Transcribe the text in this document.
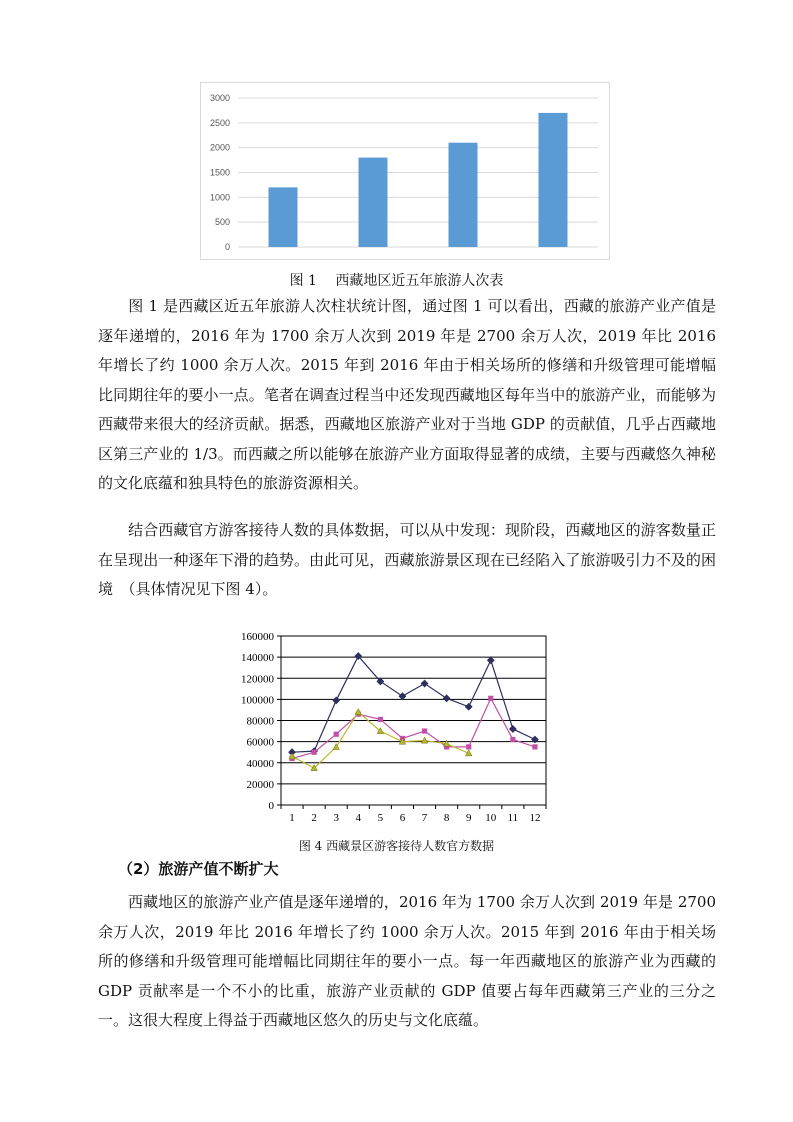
0
500
1000
1500
2000
2500
3000
图 1　 西藏地区近五年旅游人次表

图 1 是西藏区近五年旅游人次柱状统计图，通过图 1 可以看出，西藏的旅游产业产值是逐年递增的，2016 年为 1700 余万人次到 2019 年是 2700 余万人次，2019 年比 2016 年增长了约 1000 余万人次。2015 年到 2016 年由于相关场所的修缮和升级管理可能增幅比同期往年的要小一点。笔者在调查过程当中还发现西藏地区每年当中的旅游产业，而能够为西藏带来很大的经济贡献。据悉，西藏地区旅游产业对于当地 GDP 的贡献值，几乎占西藏地区第三产业的 1/3。而西藏之所以能够在旅游产业方面取得显著的成绩，主要与西藏悠久神秘的文化底蕴和独具特色的旅游资源相关。

结合西藏官方游客接待人数的具体数据，可以从中发现：现阶段，西藏地区的游客数量正在呈现出一种逐年下滑的趋势。由此可见，西藏旅游景区现在已经陷入了旅游吸引力不及的困境　（具体情况见下图 4）。

0
20000
40000
60000
80000
100000
120000
140000
160000
1 2 3 4 5 6 7 8 9 10 11 12
图 4 西藏景区游客接待人数官方数据
（2）旅游产值不断扩大

西藏地区的旅游产业产值是逐年递增的，2016 年为 1700 余万人次到 2019 年是 2700 余万人次，2019 年比 2016 年增长了约 1000 余万人次。2015 年到 2016 年由于相关场所的修缮和升级管理可能增幅比同期往年的要小一点。每一年西藏地区的旅游产业为西藏的 GDP 贡献率是一个不小的比重，旅游产业贡献的 GDP 值要占每年西藏第三产业的三分之一。这很大程度上得益于西藏地区悠久的历史与文化底蕴。
